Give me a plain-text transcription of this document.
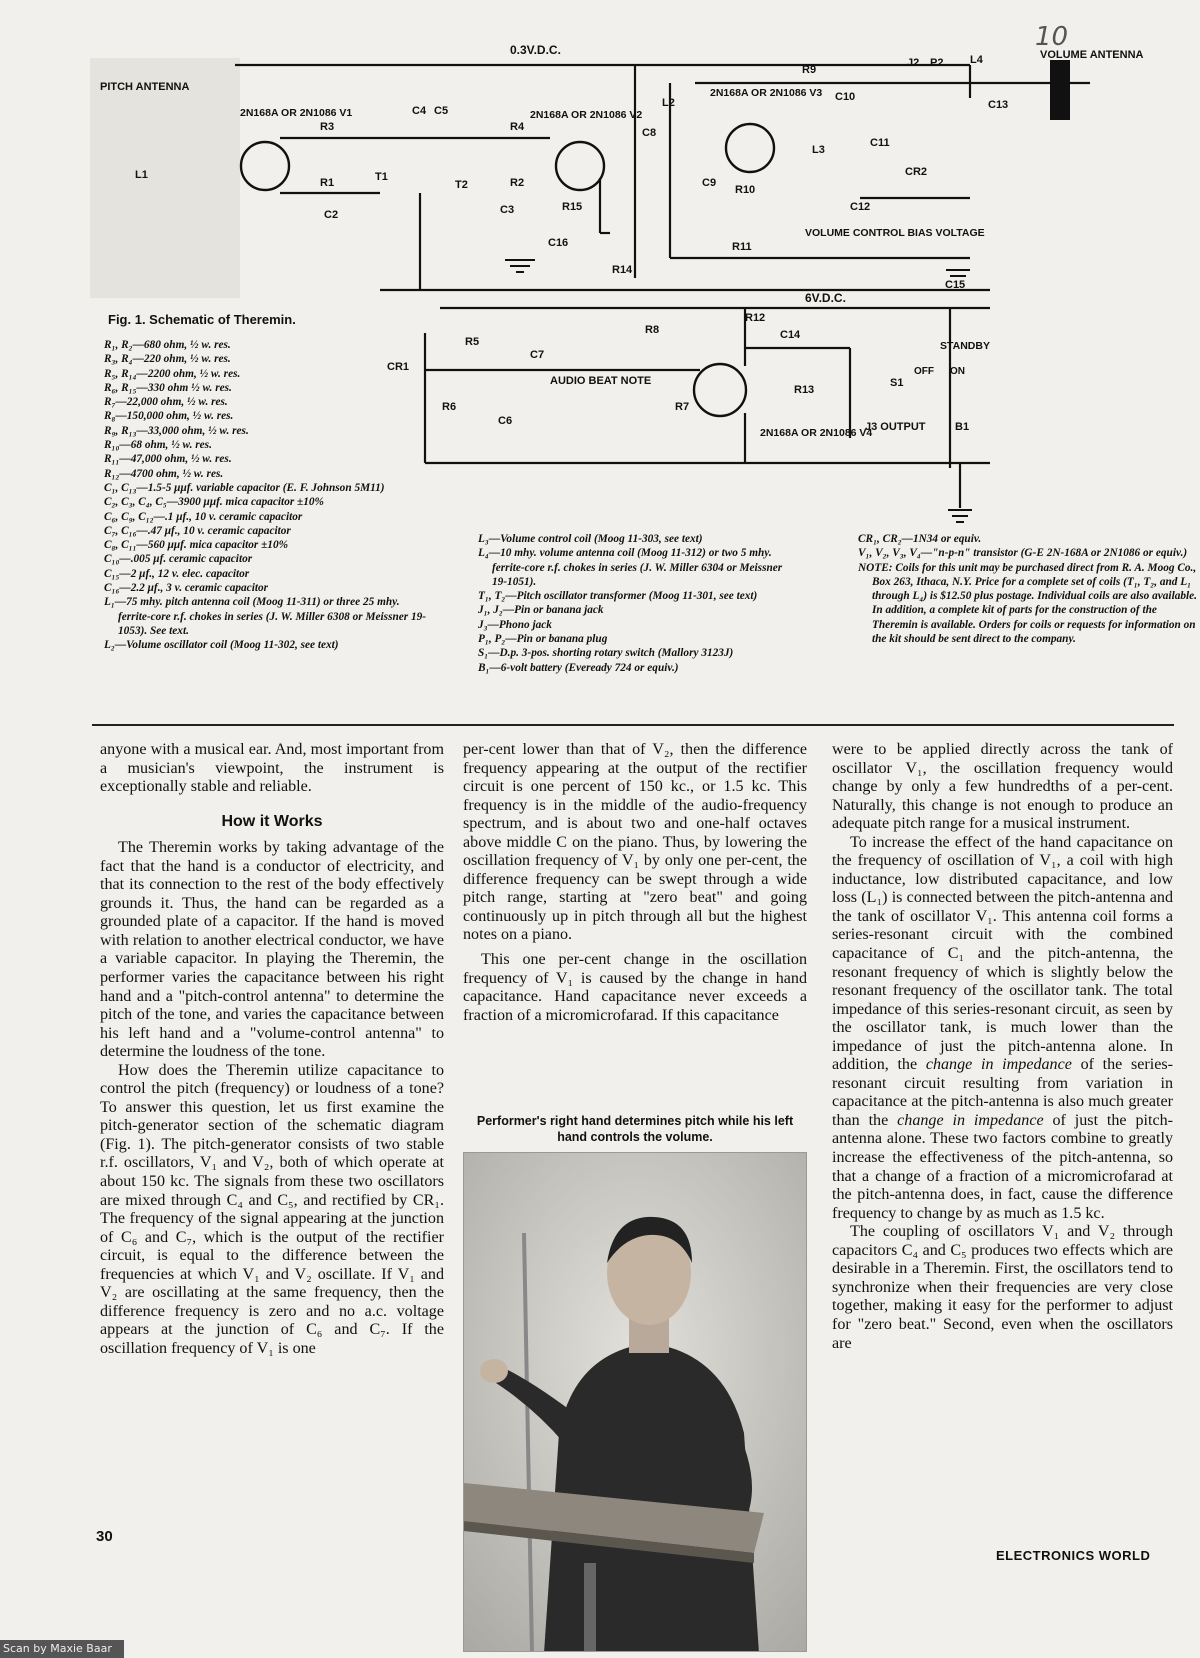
10
0.3V.D.C.
6V.D.C.
PITCH ANTENNA
VOLUME ANTENNA
2N168A OR 2N1086 V1	2N168A OR 2N1086 V2
2N168A OR 2N1086 V3
2N168A OR 2N1086 V4
VOLUME CONTROL BIAS VOLTAGE
AUDIO BEAT NOTE
STANDBY
OFF ON
J3 OUTPUT
S1
B1
R3
R1
R4
R2
R5
R6	R7
R8
R9
R10
R11
R12
R13
R14
R15
C2	C3
C4 C5
C6
C7
C8
C9
C10
C11
C12
C13
C14
C15
C16
L1
L2
L3
L4
T1
T2
J2 P2
CR1
CR2
Fig. 1. Schematic of Theremin.

R₁, R₂—680 ohm, ½ w. res.

R₃, R₄—220 ohm, ½ w. res.

R₅, R₁₄—2200 ohm, ½ w. res.

R₆, R₁₅—330 ohm ½ w. res.

R₇—22,000 ohm, ½ w. res.

R₈—150,000 ohm, ½ w. res.

R₉, R₁₃—33,000 ohm, ½ w. res.

R₁₀—68 ohm, ½ w. res.

R₁₁—47,000 ohm, ½ w. res.

R₁₂—4700 ohm, ½ w. res.

C₁, C₁₃—1.5-5 μμf. variable capacitor (E. F. Johnson 5M11)

C₂, C₃, C₄, C₅—3900 μμf. mica capacitor ±10%

C₆, C₉, C₁₂—.1 μf., 10 v. ceramic capacitor

C₇, C₁₆—.47 μf., 10 v. ceramic capacitor

C₈, C₁₁—560 μμf. mica capacitor ±10%

C₁₀—.005 μf. ceramic capacitor

C₁₅—2 μf., 12 v. elec. capacitor

C₁₆—2.2 μf., 3 v. ceramic capacitor

L₁—75 mhy. pitch antenna coil (Moog 11-311) or three 25 mhy. ferrite-core r.f. chokes in series (J. W. Miller 6308 or Meissner 19-1053). See text.

L₂—Volume oscillator coil (Moog 11-302, see text)

L₃—Volume control coil (Moog 11-303, see text)

L₄—10 mhy. volume antenna coil (Moog 11-312) or two 5 mhy. ferrite-core r.f. chokes in series (J. W. Miller 6304 or Meissner 19-1051).

T₁, T₂—Pitch oscillator transformer (Moog 11-301, see text)

J₁, J₂—Pin or banana jack

J₃—Phono jack

P₁, P₂—Pin or banana plug

S₁—D.p. 3-pos. shorting rotary switch (Mallory 3123J)

B₁—6-volt battery (Eveready 724 or equiv.)

CR₁, CR₂—1N34 or equiv.

V₁, V₂, V₃, V₄—"n-p-n" transistor (G-E 2N-168A or 2N1086 or equiv.)

NOTE: Coils for this unit may be purchased direct from R. A. Moog Co., Box 263, Ithaca, N.Y. Price for a complete set of coils (T₁, T₂, and L₁ through L₄) is $12.50 plus postage. Individual coils are also available. In addition, a complete kit of parts for the construction of the Theremin is available. Orders for coils or requests for information on the kit should be sent direct to the company.

anyone with a musical ear. And, most important from a musician's viewpoint, the instrument is exceptionally stable and reliable.

How it Works

The Theremin works by taking advantage of the fact that the hand is a conductor of electricity, and that its connection to the rest of the body effectively grounds it. Thus, the hand can be regarded as a grounded plate of a capacitor. If the hand is moved with relation to another electrical conductor, we have a variable capacitor. In playing the Theremin, the performer varies the capacitance between his right hand and a "pitch-control antenna" to determine the pitch of the tone, and varies the capacitance between his left hand and a "volume-control antenna" to determine the loudness of the tone.

How does the Theremin utilize capacitance to control the pitch (frequency) or loudness of a tone? To answer this question, let us first examine the pitch-generator section of the schematic diagram (Fig. 1). The pitch-generator consists of two stable r.f. oscillators, V₁ and V₂, both of which operate at about 150 kc. The signals from these two oscillators are mixed through C₄ and C₅, and rectified by CR₁. The frequency of the signal appearing at the junction of C₆ and C₇, which is the output of the rectifier circuit, is equal to the difference between the frequencies at which V₁ and V₂ oscillate. If V₁ and V₂ are oscillating at the same frequency, then the difference frequency is zero and no a.c. voltage appears at the junction of C₆ and C₇. If the oscillation frequency of V₁ is one

per-cent lower than that of V₂, then the difference frequency appearing at the output of the rectifier circuit is one percent of 150 kc., or 1.5 kc. This frequency is in the middle of the audio-frequency spectrum, and is about two and one-half octaves above middle C on the piano. Thus, by lowering the oscillation frequency of V₁ by only one per-cent, the difference frequency can be swept through a wide pitch range, starting at "zero beat" and going continuously up in pitch through all but the highest notes on a piano.

This one per-cent change in the oscillation frequency of V₁ is caused by the change in hand capacitance. Hand capacitance never exceeds a fraction of a micromicrofarad. If this capacitance

Performer's right hand determines pitch while his left hand controls the volume.

were to be applied directly across the tank of oscillator V₁, the oscillation frequency would change by only a few hundredths of a per-cent. Naturally, this change is not enough to produce an adequate pitch range for a musical instrument.

To increase the effect of the hand capacitance on the frequency of oscillation of V₁, a coil with high inductance, low distributed capacitance, and low loss (L₁) is connected between the pitch-antenna and the tank of oscillator V₁. This antenna coil forms a series-resonant circuit with the combined capacitance of C₁ and the pitch-antenna, the resonant frequency of which is slightly below the resonant frequency of the oscillator tank. The total impedance of this series-resonant circuit, as seen by the oscillator tank, is much lower than the impedance of just the pitch-antenna alone. In addition, the change in impedance of the series-resonant circuit resulting from variation in capacitance at the pitch-antenna is also much greater than the change in impedance of just the pitch-antenna alone. These two factors combine to greatly increase the effectiveness of the pitch-antenna, so that a change of a fraction of a micromicrofarad at the pitch-antenna does, in fact, cause the difference frequency to change by as much as 1.5 kc.

The coupling of oscillators V₁ and V₂ through capacitors C₄ and C₅ produces two effects which are desirable in a Theremin. First, the oscillators tend to synchronize when their frequencies are very close together, making it easy for the performer to adjust for "zero beat." Second, even when the oscillators are

30
ELECTRONICS WORLD
Scan by Maxie Baar
